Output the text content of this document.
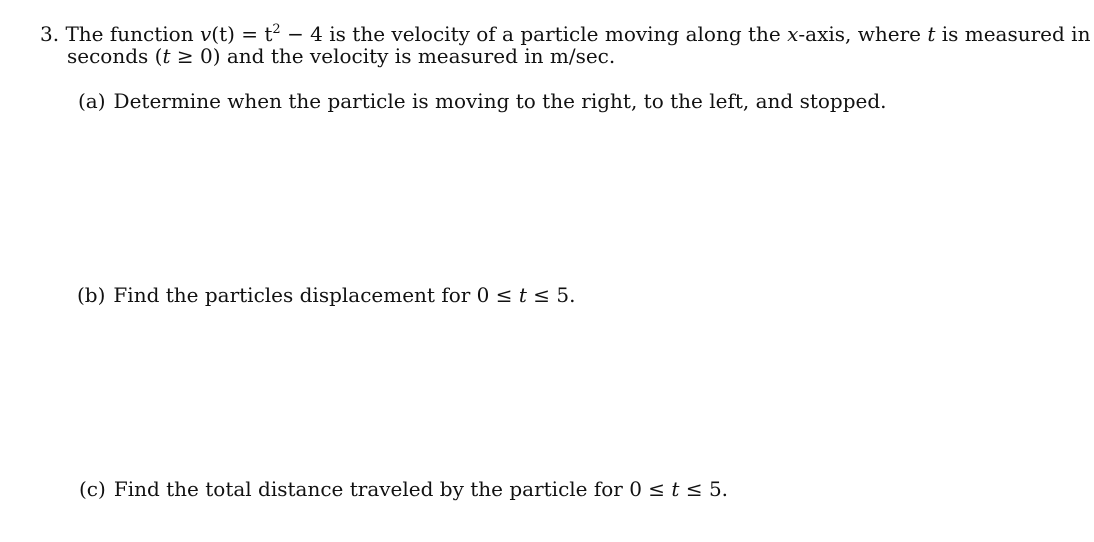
3. The function $v(t) = t^2 - 4$ is the velocity of a particle moving along the x-axis, where t is measured in
seconds (t ≥ 0) and the velocity is measured in m/sec.
(a) Determine when the particle is moving to the right, to the left, and stopped.
(b) Find the particles displacement for 0 ≤ t ≤ 5.
(c) Find the total distance traveled by the particle for 0 ≤ t ≤ 5.
